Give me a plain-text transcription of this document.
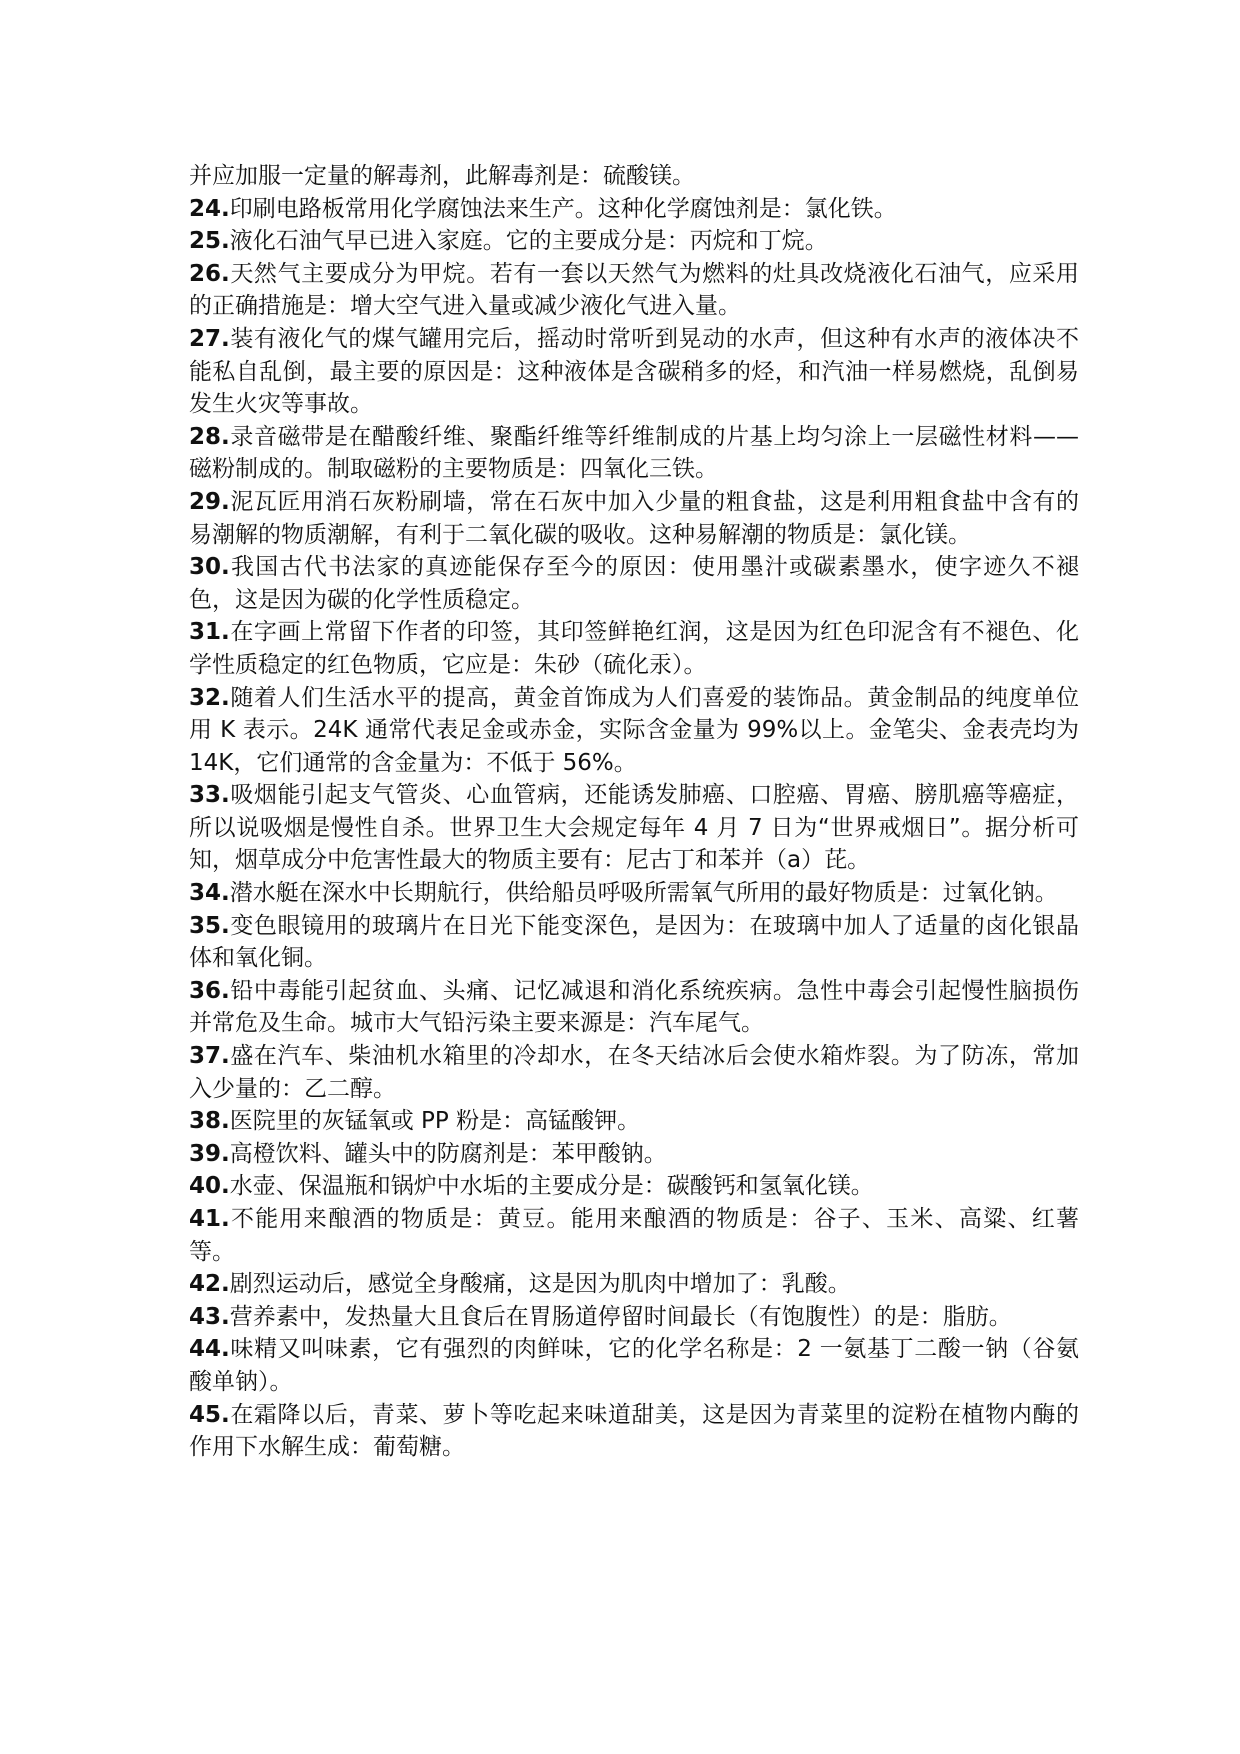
并应加服一定量的解毒剂，此解毒剂是：硫酸镁。

24.印刷电路板常用化学腐蚀法来生产。这种化学腐蚀剂是：氯化铁。

25.液化石油气早已进入家庭。它的主要成分是：丙烷和丁烷。

26.天然气主要成分为甲烷。若有一套以天然气为燃料的灶具改烧液化石油气，应采用的正确措施是：增大空气进入量或减少液化气进入量。

27.装有液化气的煤气罐用完后，摇动时常听到晃动的水声，但这种有水声的液体决不能私自乱倒，最主要的原因是：这种液体是含碳稍多的烃，和汽油一样易燃烧，乱倒易发生火灾等事故。

28.录音磁带是在醋酸纤维、聚酯纤维等纤维制成的片基上均匀涂上一层磁性材料——磁粉制成的。制取磁粉的主要物质是：四氧化三铁。

29.泥瓦匠用消石灰粉刷墙，常在石灰中加入少量的粗食盐，这是利用粗食盐中含有的易潮解的物质潮解，有利于二氧化碳的吸收。这种易解潮的物质是：氯化镁。

30.我国古代书法家的真迹能保存至今的原因：使用墨汁或碳素墨水，使字迹久不褪色，这是因为碳的化学性质稳定。

31.在字画上常留下作者的印签，其印签鲜艳红润，这是因为红色印泥含有不褪色、化学性质稳定的红色物质，它应是：朱砂（硫化汞）。

32.随着人们生活水平的提高，黄金首饰成为人们喜爱的装饰品。黄金制品的纯度单位用 K 表示。24K 通常代表足金或赤金，实际含金量为 99%以上。金笔尖、金表壳均为 14K，它们通常的含金量为：不低于 56%。

33.吸烟能引起支气管炎、心血管病，还能诱发肺癌、口腔癌、胃癌、膀肌癌等癌症，所以说吸烟是慢性自杀。世界卫生大会规定每年 4 月 7 日为“世界戒烟日”。据分析可知，烟草成分中危害性最大的物质主要有：尼古丁和苯并（a）芘。

34.潜水艇在深水中长期航行，供给船员呼吸所需氧气所用的最好物质是：过氧化钠。

35.变色眼镜用的玻璃片在日光下能变深色，是因为：在玻璃中加人了适量的卤化银晶体和氧化铜。

36.铅中毒能引起贫血、头痛、记忆减退和消化系统疾病。急性中毒会引起慢性脑损伤并常危及生命。城市大气铅污染主要来源是：汽车尾气。

37.盛在汽车、柴油机水箱里的冷却水，在冬天结冰后会使水箱炸裂。为了防冻，常加入少量的：乙二醇。

38.医院里的灰锰氧或 PP 粉是：高锰酸钾。

39.高橙饮料、罐头中的防腐剂是：苯甲酸钠。

40.水壶、保温瓶和锅炉中水垢的主要成分是：碳酸钙和氢氧化镁。

41.不能用来酿酒的物质是：黄豆。能用来酿酒的物质是：谷子、玉米、高粱、红薯等。

42.剧烈运动后，感觉全身酸痛，这是因为肌肉中增加了：乳酸。

43.营养素中，发热量大且食后在胃肠道停留时间最长（有饱腹性）的是：脂肪。

44.味精又叫味素，它有强烈的肉鲜味，它的化学名称是：2 一氨基丁二酸一钠（谷氨酸单钠）。

45.在霜降以后，青菜、萝卜等吃起来味道甜美，这是因为青菜里的淀粉在植物内酶的作用下水解生成：葡萄糖。
